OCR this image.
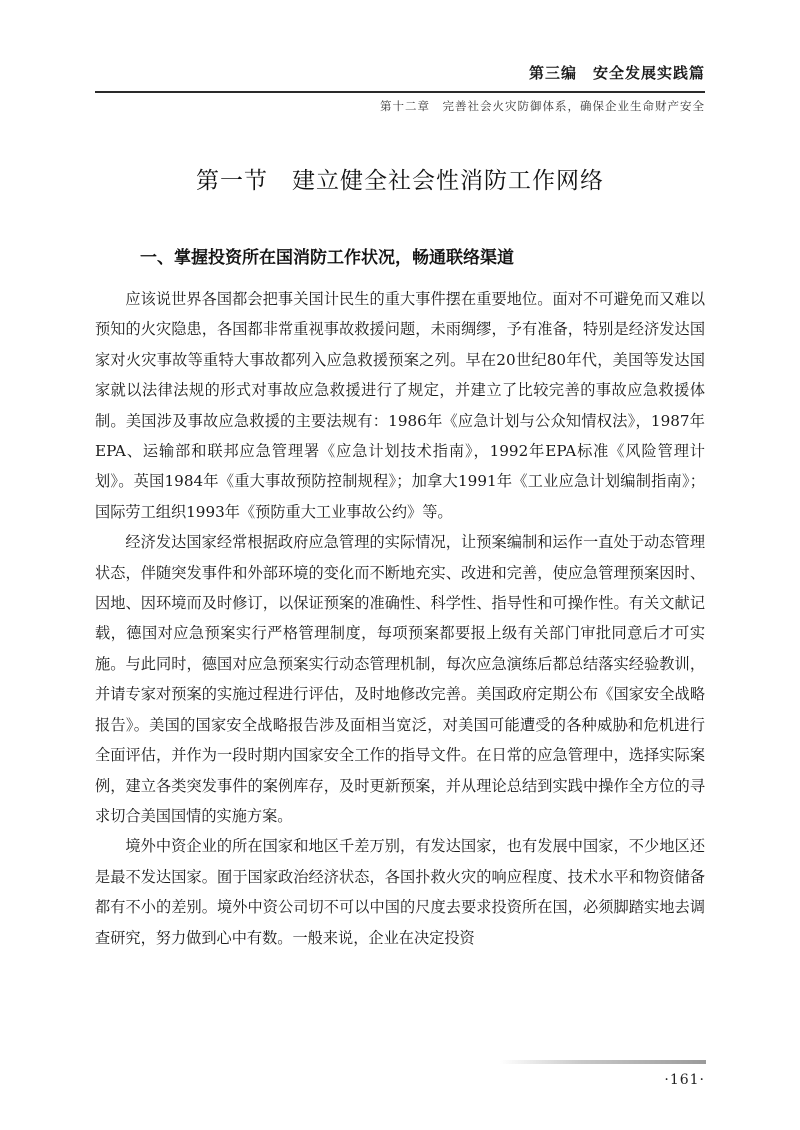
第三编　安全发展实践篇
第十二章　完善社会火灾防御体系，确保企业生命财产安全
第一节　建立健全社会性消防工作网络
一、掌握投资所在国消防工作状况，畅通联络渠道

应该说世界各国都会把事关国计民生的重大事件摆在重要地位。面对不可避免而又难以预知的火灾隐患，各国都非常重视事故救援问题，未雨绸缪，予有准备，特别是经济发达国家对火灾事故等重特大事故都列入应急救援预案之列。早在20世纪80年代，美国等发达国家就以法律法规的形式对事故应急救援进行了规定，并建立了比较完善的事故应急救援体制。美国涉及事故应急救援的主要法规有：1986年《应急计划与公众知情权法》，1987年EPA、运输部和联邦应急管理署《应急计划技术指南》，1992年EPA标准《风险管理计划》。英国1984年《重大事故预防控制规程》；加拿大1991年《工业应急计划编制指南》；国际劳工组织1993年《预防重大工业事故公约》等。

经济发达国家经常根据政府应急管理的实际情况，让预案编制和运作一直处于动态管理状态，伴随突发事件和外部环境的变化而不断地充实、改进和完善，使应急管理预案因时、因地、因环境而及时修订，以保证预案的准确性、科学性、指导性和可操作性。有关文献记载，德国对应急预案实行严格管理制度，每项预案都要报上级有关部门审批同意后才可实施。与此同时，德国对应急预案实行动态管理机制，每次应急演练后都总结落实经验教训，并请专家对预案的实施过程进行评估，及时地修改完善。美国政府定期公布《国家安全战略报告》。美国的国家安全战略报告涉及面相当宽泛，对美国可能遭受的各种威胁和危机进行全面评估，并作为一段时期内国家安全工作的指导文件。在日常的应急管理中，选择实际案例，建立各类突发事件的案例库存，及时更新预案，并从理论总结到实践中操作全方位的寻求切合美国国情的实施方案。

境外中资企业的所在国家和地区千差万别，有发达国家，也有发展中国家，不少地区还是最不发达国家。囿于国家政治经济状态，各国扑救火灾的响应程度、技术水平和物资储备都有不小的差别。境外中资公司切不可以中国的尺度去要求投资所在国，必须脚踏实地去调查研究，努力做到心中有数。一般来说，企业在决定投资

·161·
